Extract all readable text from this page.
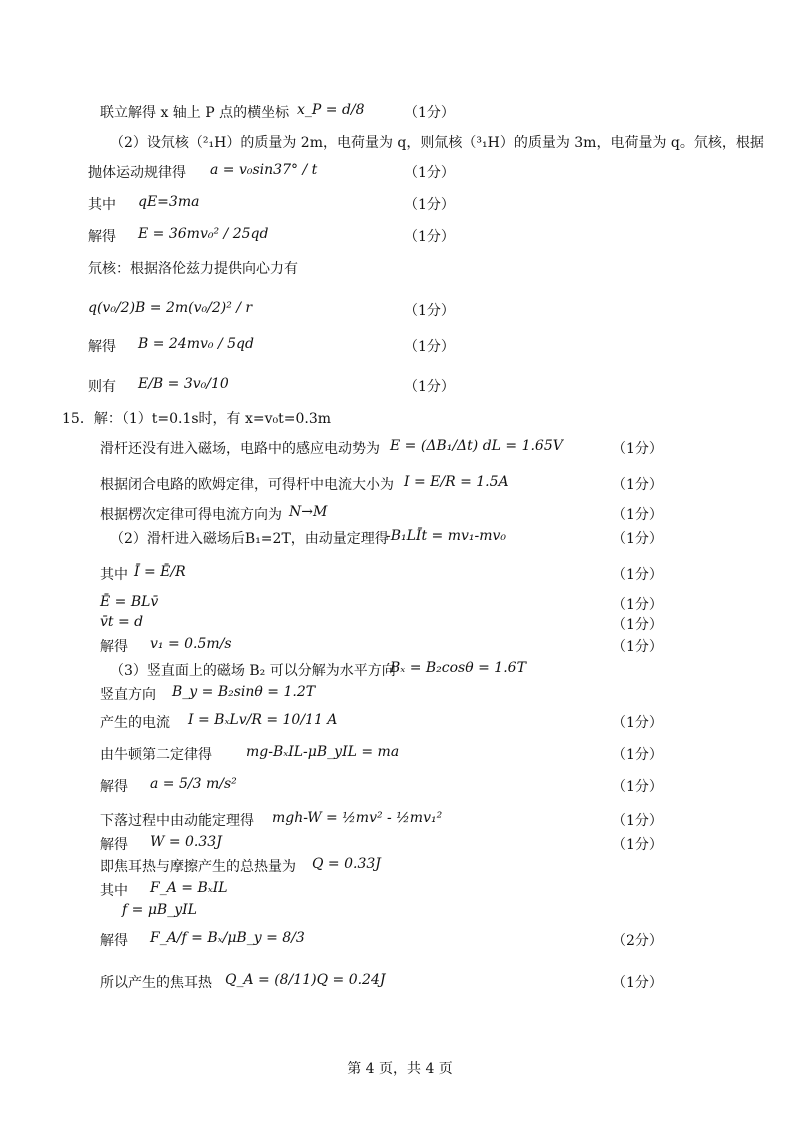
联立解得 x 轴上 P 点的横坐标 x_P = d/8	（1分）
（2）设氘核（²₁H）的质量为 2m，电荷量为 q，则氚核（³₁H）的质量为 3m，电荷量为 q。氘核，根据
抛体运动规律得 a = v₀sin37° / t	（1分）
其中 qE=3ma	（1分）
解得 E = 36mv₀² / 25qd	（1分）
氘核：根据洛伦兹力提供向心力有
q(v₀/2)B = 2m(v₀/2)² / r	（1分）
解得 B = 24mv₀ / 5qd	（1分）
则有 E/B = 3v₀/10	（1分）
15．解：（1）t=0.1s时，有 x=v₀t=0.3m
滑杆还没有进入磁场，电路中的感应电动势为 E = (ΔB₁/Δt) dL = 1.65V	（1分）
根据闭合电路的欧姆定律，可得杆中电流大小为 I = E/R = 1.5A	（1分）
根据楞次定律可得电流方向为 N→M	（1分）
（2）滑杆进入磁场后B₁=2T，由动量定理得
-B₁LĪt = mv₁-mv₀	（1分）
其中 Ī = Ē/R	（1分）
Ē = BLv̄	（1分）
v̄t = d	（1分）
解得 v₁ = 0.5m/s	（1分）
（3）竖直面上的磁场 B₂ 可以分解为水平方向
Bₓ = B₂cosθ = 1.6T
竖直方向 B_y = B₂sinθ = 1.2T
产生的电流 I = BₓLv/R = 10/11 A	（1分）
由牛顿第二定律得 mg-BₓIL-μB_yIL = ma	（1分）
解得 a = 5/3 m/s²	（1分）
下落过程中由动能定理得 mgh-W = ½mv² - ½mv₁²	（1分）
解得 W = 0.33J	（1分）
即焦耳热与摩擦产生的总热量为 Q = 0.33J
其中 F_A = BₓIL
f = μB_yIL
解得 F_A/f = Bₓ/μB_y = 8/3	（2分）
所以产生的焦耳热 Q_A = (8/11)Q = 0.24J	（1分）
第 4 页，共 4 页
